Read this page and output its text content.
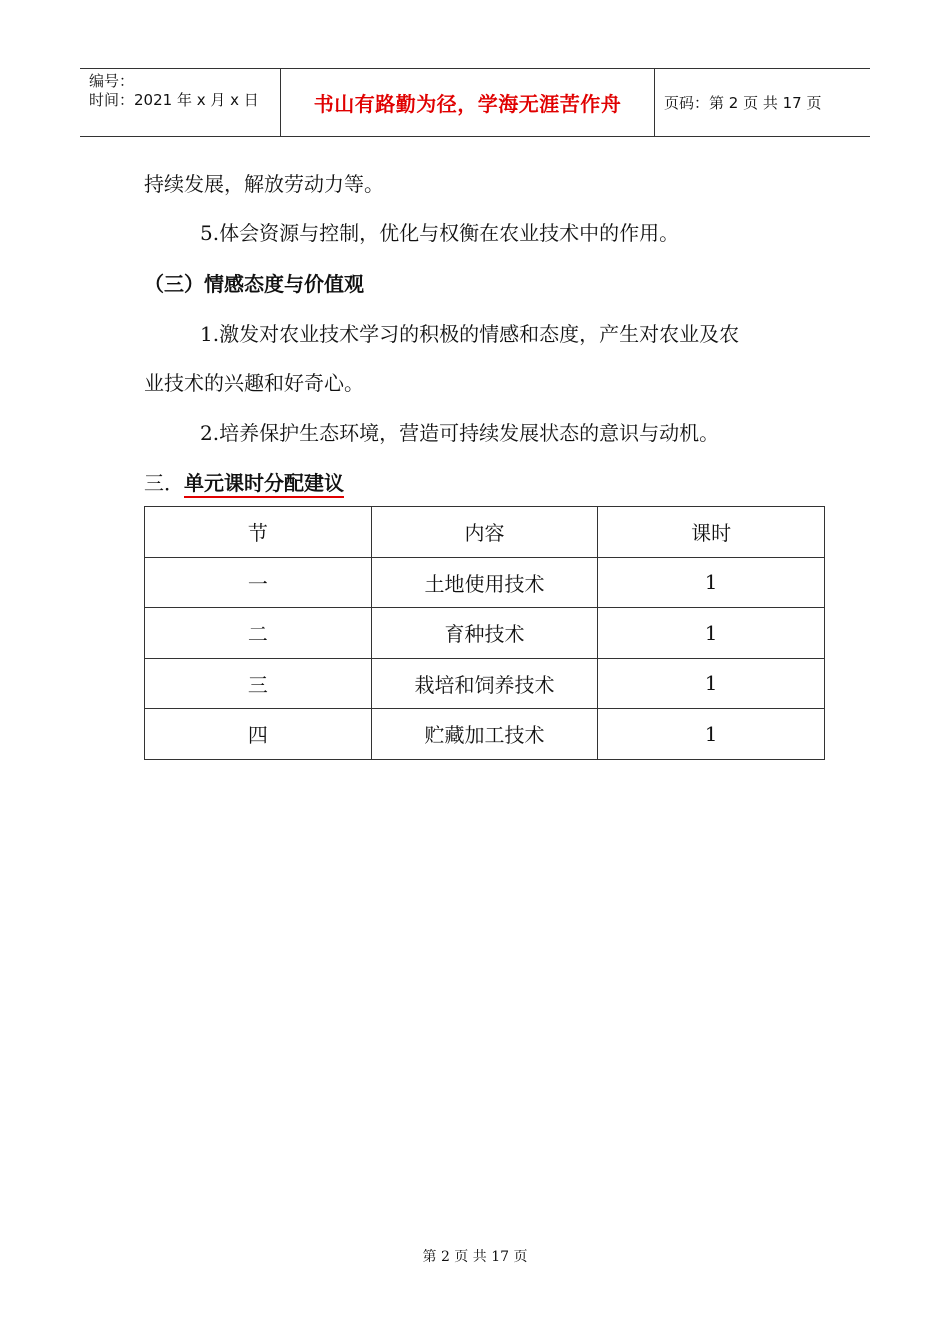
编号：
时间：2021 年 x 月 x 日	书山有路勤为径，学海无涯苦作舟	页码：第 2 页 共 17 页
持续发展，解放劳动力等。
5.体会资源与控制，优化与权衡在农业技术中的作用。
（三）情感态度与价值观
1.激发对农业技术学习的积极的情感和态度，产生对农业及农
业技术的兴趣和好奇心。
2.培养保护生态环境，营造可持续发展状态的意识与动机。
三．单元课时分配建议
节	内容	课时
一	土地使用技术	1
二	育种技术	1
三	栽培和饲养技术	1
四	贮藏加工技术	1
第 2 页 共 17 页
